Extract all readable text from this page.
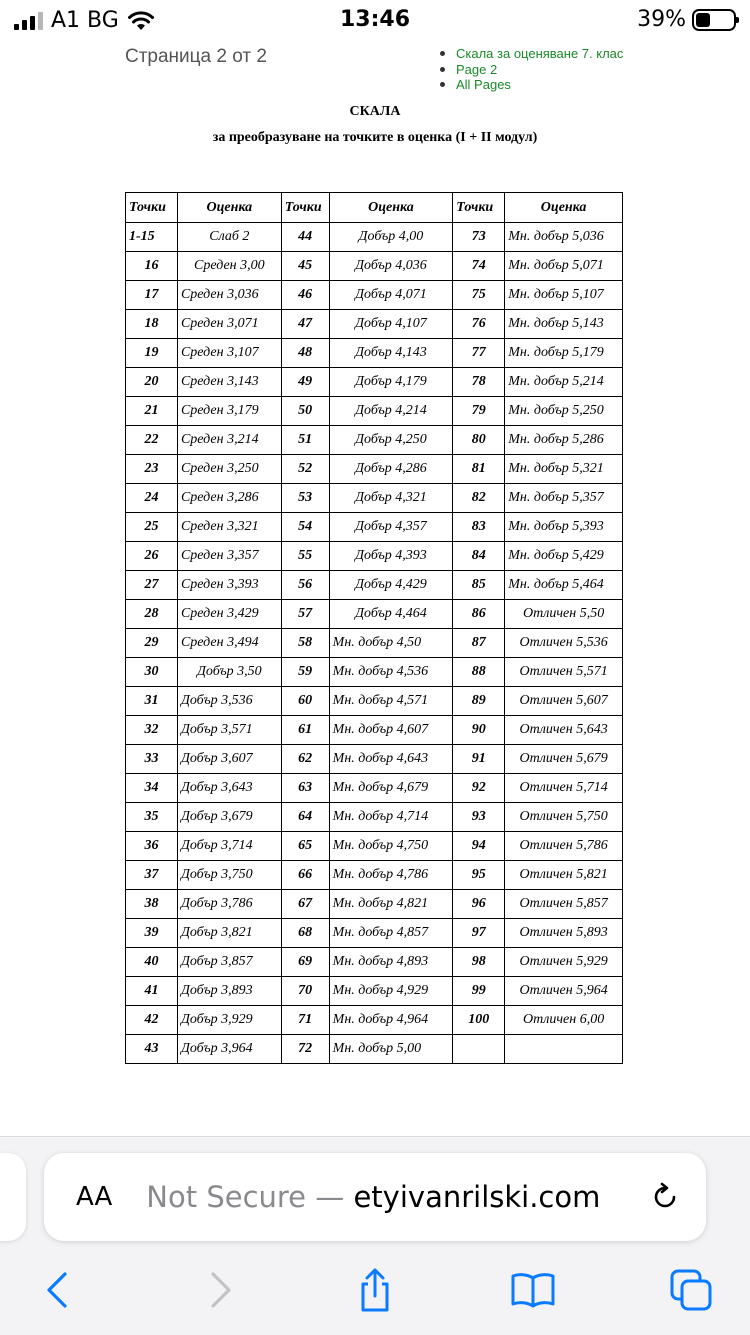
A1 BG	13:46	39%
Страница 2 от 2	Скала за оценяване 7. клас
Page 2
All Pages
СКАЛА
за преобразуване на точките в оценка (I + II модул)
Точки	Оценка	Точки	Оценка	Точки	Оценка
1-15	Слаб 2	44	Добър 4,00	73	Мн. добър 5,036
16	Среден 3,00	45	Добър 4,036	74	Мн. добър 5,071
17	Среден 3,036	46	Добър 4,071	75	Мн. добър 5,107
18	Среден 3,071	47	Добър 4,107	76	Мн. добър 5,143
19	Среден 3,107	48	Добър 4,143	77	Мн. добър 5,179
20	Среден 3,143	49	Добър 4,179	78	Мн. добър 5,214
21	Среден 3,179	50	Добър 4,214	79	Мн. добър 5,250
22	Среден 3,214	51	Добър 4,250	80	Мн. добър 5,286
23	Среден 3,250	52	Добър 4,286	81	Мн. добър 5,321
24	Среден 3,286	53	Добър 4,321	82	Мн. добър 5,357
25	Среден 3,321	54	Добър 4,357	83	Мн. добър 5,393
26	Среден 3,357	55	Добър 4,393	84	Мн. добър 5,429
27	Среден 3,393	56	Добър 4,429	85	Мн. добър 5,464
28	Среден 3,429	57	Добър 4,464	86	Отличен 5,50
29	Среден 3,494	58	Мн. добър 4,50	87	Отличен 5,536
30	Добър 3,50	59	Мн. добър 4,536	88	Отличен 5,571
31	Добър 3,536	60	Мн. добър 4,571	89	Отличен 5,607
32	Добър 3,571	61	Мн. добър 4,607	90	Отличен 5,643
33	Добър 3,607	62	Мн. добър 4,643	91	Отличен 5,679
34	Добър 3,643	63	Мн. добър 4,679	92	Отличен 5,714
35	Добър 3,679	64	Мн. добър 4,714	93	Отличен 5,750
36	Добър 3,714	65	Мн. добър 4,750	94	Отличен 5,786
37	Добър 3,750	66	Мн. добър 4,786	95	Отличен 5,821
38	Добър 3,786	67	Мн. добър 4,821	96	Отличен 5,857
39	Добър 3,821	68	Мн. добър 4,857	97	Отличен 5,893
40	Добър 3,857	69	Мн. добър 4,893	98	Отличен 5,929
41	Добър 3,893	70	Мн. добър 4,929	99	Отличен 5,964
42	Добър 3,929	71	Мн. добър 4,964	100	Отличен 6,00
43	Добър 3,964	72	Мн. добър 5,00		
AA Not Secure — etyivanrilski.com
